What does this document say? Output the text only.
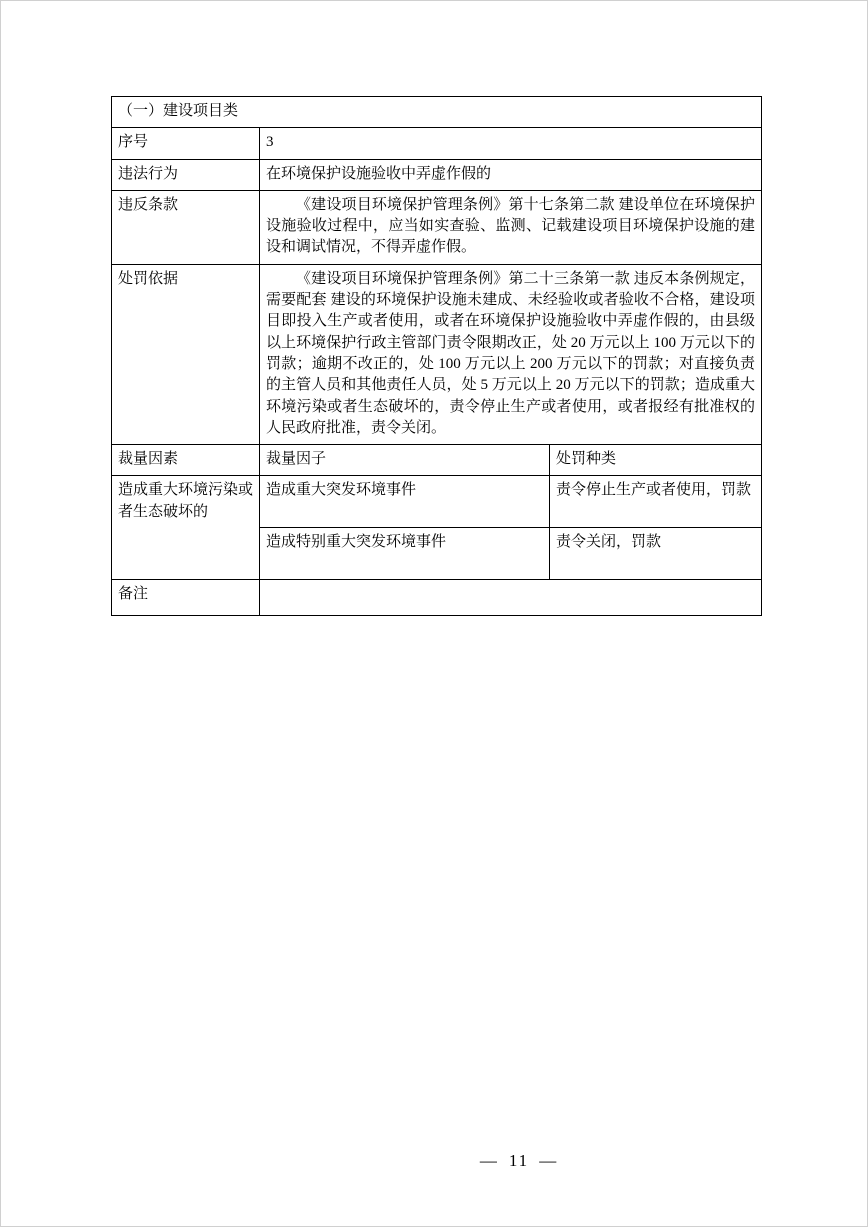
（一）建设项目类		
序号	3	
违法行为	在环境保护设施验收中弄虚作假的	
违反条款	《建设项目环境保护管理条例》第十七条第二款 建设单位在环境保护设施验收过程中，应当如实查验、监测、记载建设项目环境保护设施的建设和调试情况，不得弄虚作假。	
处罚依据	《建设项目环境保护管理条例》第二十三条第一款 违反本条例规定，需要配套 建设的环境保护设施未建成、未经验收或者验收不合格，建设项目即投入生产或者使用，或者在环境保护设施验收中弄虚作假的，由县级以上环境保护行政主管部门责令限期改正，处 20 万元以上 100 万元以下的罚款；逾期不改正的，处 100 万元以上 200 万元以下的罚款；对直接负责的主管人员和其他责任人员，处 5 万元以上 20 万元以下的罚款；造成重大环境污染或者生态破坏的，责令停止生产或者使用，或者报经有批准权的人民政府批准，责令关闭。	
裁量因素	裁量因子	处罚种类
造成重大环境污染或者生态破坏的	造成重大突发环境事件	责令停止生产或者使用，罚款
	造成特别重大突发环境事件	责令关闭，罚款
备注		
— 11 —
